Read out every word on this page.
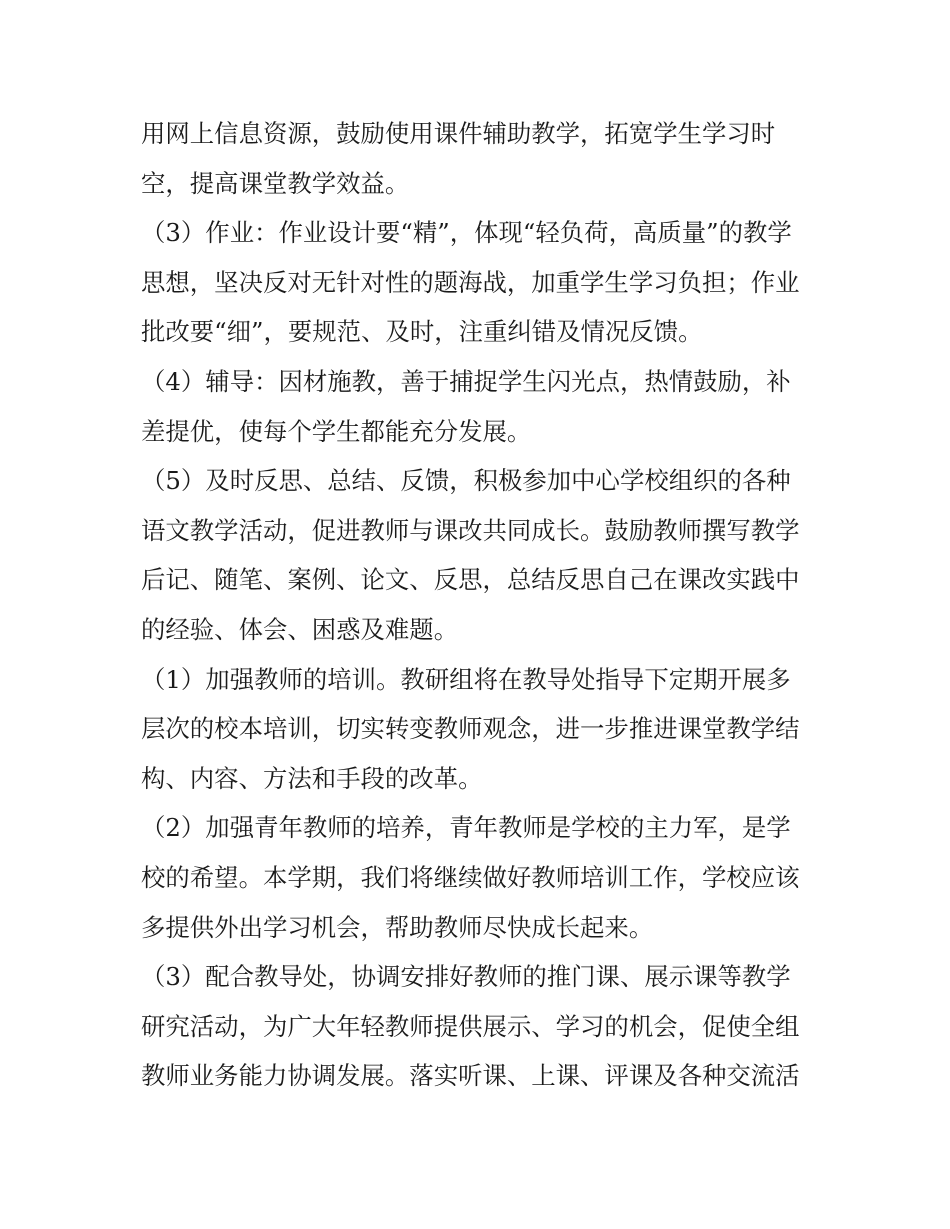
用网上信息资源，鼓励使用课件辅助教学，拓宽学生学习时
空，提高课堂教学效益。
（3）作业：作业设计要“精”，体现“轻负荷，高质量”的教学
思想，坚决反对无针对性的题海战，加重学生学习负担；作业
批改要“细”，要规范、及时，注重纠错及情况反馈。
（4）辅导：因材施教，善于捕捉学生闪光点，热情鼓励，补
差提优，使每个学生都能充分发展。
（5）及时反思、总结、反馈，积极参加中心学校组织的各种
语文教学活动，促进教师与课改共同成长。鼓励教师撰写教学
后记、随笔、案例、论文、反思，总结反思自己在课改实践中
的经验、体会、困惑及难题。
（1）加强教师的培训。教研组将在教导处指导下定期开展多
层次的校本培训，切实转变教师观念，进一步推进课堂教学结
构、内容、方法和手段的改革。
（2）加强青年教师的培养，青年教师是学校的主力军，是学
校的希望。本学期，我们将继续做好教师培训工作，学校应该
多提供外出学习机会，帮助教师尽快成长起来。
（3）配合教导处，协调安排好教师的推门课、展示课等教学
研究活动，为广大年轻教师提供展示、学习的机会，促使全组
教师业务能力协调发展。落实听课、上课、评课及各种交流活
